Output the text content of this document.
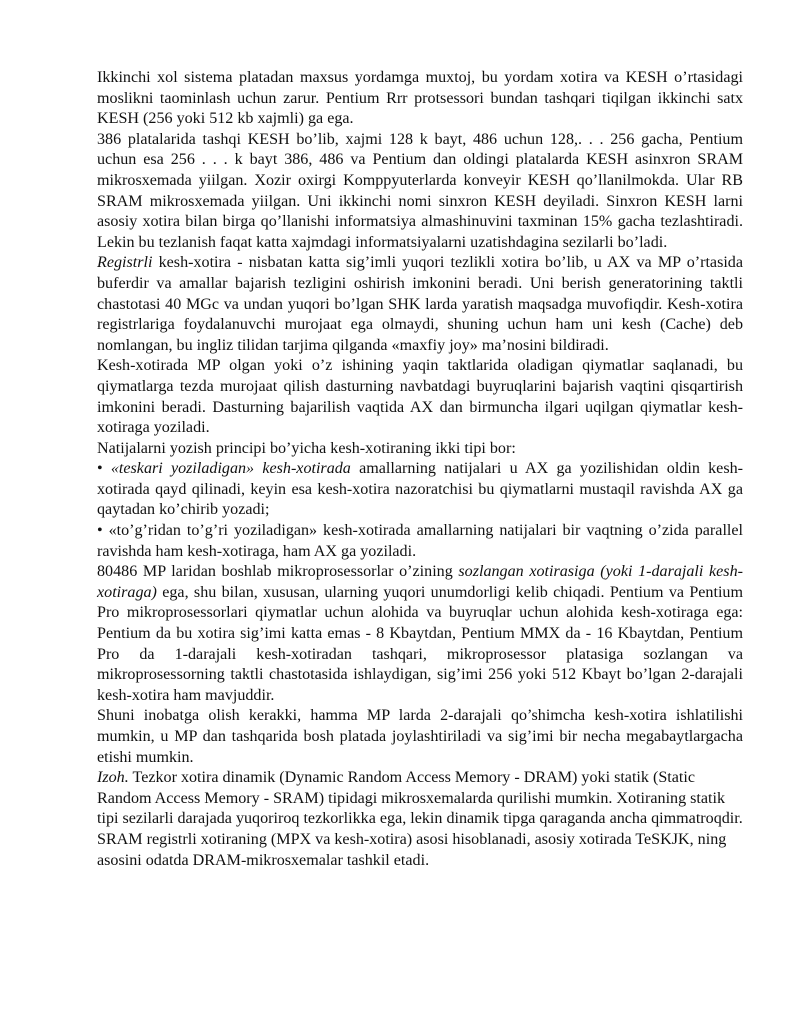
Ikkinchi xol sistema platadan maxsus yordamga muxtoj, bu yordam xotira va KESH o’rtasidagi moslikni taominlash uchun zarur. Pentium Rrr protsessori bundan tashqari tiqilgan ikkinchi satx KESH (256 yoki 512 kb xajmli) ga ega.

386 platalarida tashqi KESH bo’lib, xajmi 128 k bayt, 486 uchun 128,. . . 256 gacha, Pentium uchun esa 256 . . . k bayt 386, 486 va Pentium dan oldingi platalarda KESH asinxron SRAM mikrosxemada yiilgan. Xozir oxirgi Komppyuterlarda konveyir KESH qo’llanilmokda. Ular RB SRAM mikrosxemada yiilgan. Uni ikkinchi nomi sinxron KESH deyiladi. Sinxron KESH larni asosiy xotira bilan birga qo’llanishi informatsiya almashinuvini taxminan 15% gacha tezlashtiradi. Lekin bu tezlanish faqat katta xajmdagi informatsiyalarni uzatishdagina sezilarli bo’ladi.

Registrli kesh-xotira - nisbatan katta sig’imli yuqori tezlikli xotira bo’lib, u AX va MP o’rtasida buferdir va amallar bajarish tezligini oshirish imkonini beradi. Uni berish generatorining taktli chastotasi 40 MGc va undan yuqori bo’lgan SHK larda yaratish maqsadga muvofiqdir. Kesh-xotira registrlariga foydalanuvchi murojaat ega olmaydi, shuning uchun ham uni kesh (Cache) deb nomlangan, bu ingliz tilidan tarjima qilganda «maxfiy joy» ma’nosini bildiradi.

Kesh-xotirada MP olgan yoki o’z ishining yaqin taktlarida oladigan qiymatlar saqlanadi, bu qiymatlarga tezda murojaat qilish dasturning navbatdagi buyruqlarini bajarish vaqtini qisqartirish imkonini beradi. Dasturning bajarilish vaqtida AX dan birmuncha ilgari uqilgan qiymatlar kesh-xotiraga yoziladi.

Natijalarni yozish principi bo’yicha kesh-xotiraning ikki tipi bor:

• «teskari yoziladigan» kesh-xotirada amallarning natijalari u AX ga yozilishidan oldin kesh-xotirada qayd qilinadi, keyin esa kesh-xotira nazoratchisi bu qiymatlarni mustaqil ravishda AX ga qaytadan ko’chirib yozadi;

• «to’g’ridan to’g’ri yoziladigan» kesh-xotirada amallarning natijalari bir vaqtning o’zida parallel ravishda ham kesh-xotiraga, ham AX ga yoziladi.

80486 MP laridan boshlab mikroprosessorlar o’zining sozlangan xotirasiga (yoki 1-darajali kesh-xotiraga) ega, shu bilan, xususan, ularning yuqori unumdorligi kelib chiqadi. Pentium va Pentium Pro mikroprosessorlari qiymatlar uchun alohida va buyruqlar uchun alohida kesh-xotiraga ega: Pentium da bu xotira sig’imi katta emas - 8 Kbaytdan, Pentium MMX da - 16 Kbaytdan, Pentium Pro da 1-darajali kesh-xotiradan tashqari, mikroprosessor platasiga sozlangan va mikroprosessorning taktli chastotasida ishlaydigan, sig’imi 256 yoki 512 Kbayt bo’lgan 2-darajali kesh-xotira ham mavjuddir.

Shuni inobatga olish kerakki, hamma MP larda 2-darajali qo’shimcha kesh-xotira ishlatilishi mumkin, u MP dan tashqarida bosh platada joylashtiriladi va sig’imi bir necha megabaytlargacha etishi mumkin.

Izoh. Tezkor xotira dinamik (Dynamic Random Access Memory - DRAM) yoki statik (Static Random Access Memory - SRAM) tipidagi mikrosxemalarda qurilishi mumkin. Xotiraning statik tipi sezilarli darajada yuqoriroq tezkorlikka ega, lekin dinamik tipga qaraganda ancha qimmatroqdir. SRAM registrli xotiraning (MPX va kesh-xotira) asosi hisoblanadi, asosiy xotirada TeSKJK, ning asosini odatda DRAM-mikrosxemalar tashkil etadi.
